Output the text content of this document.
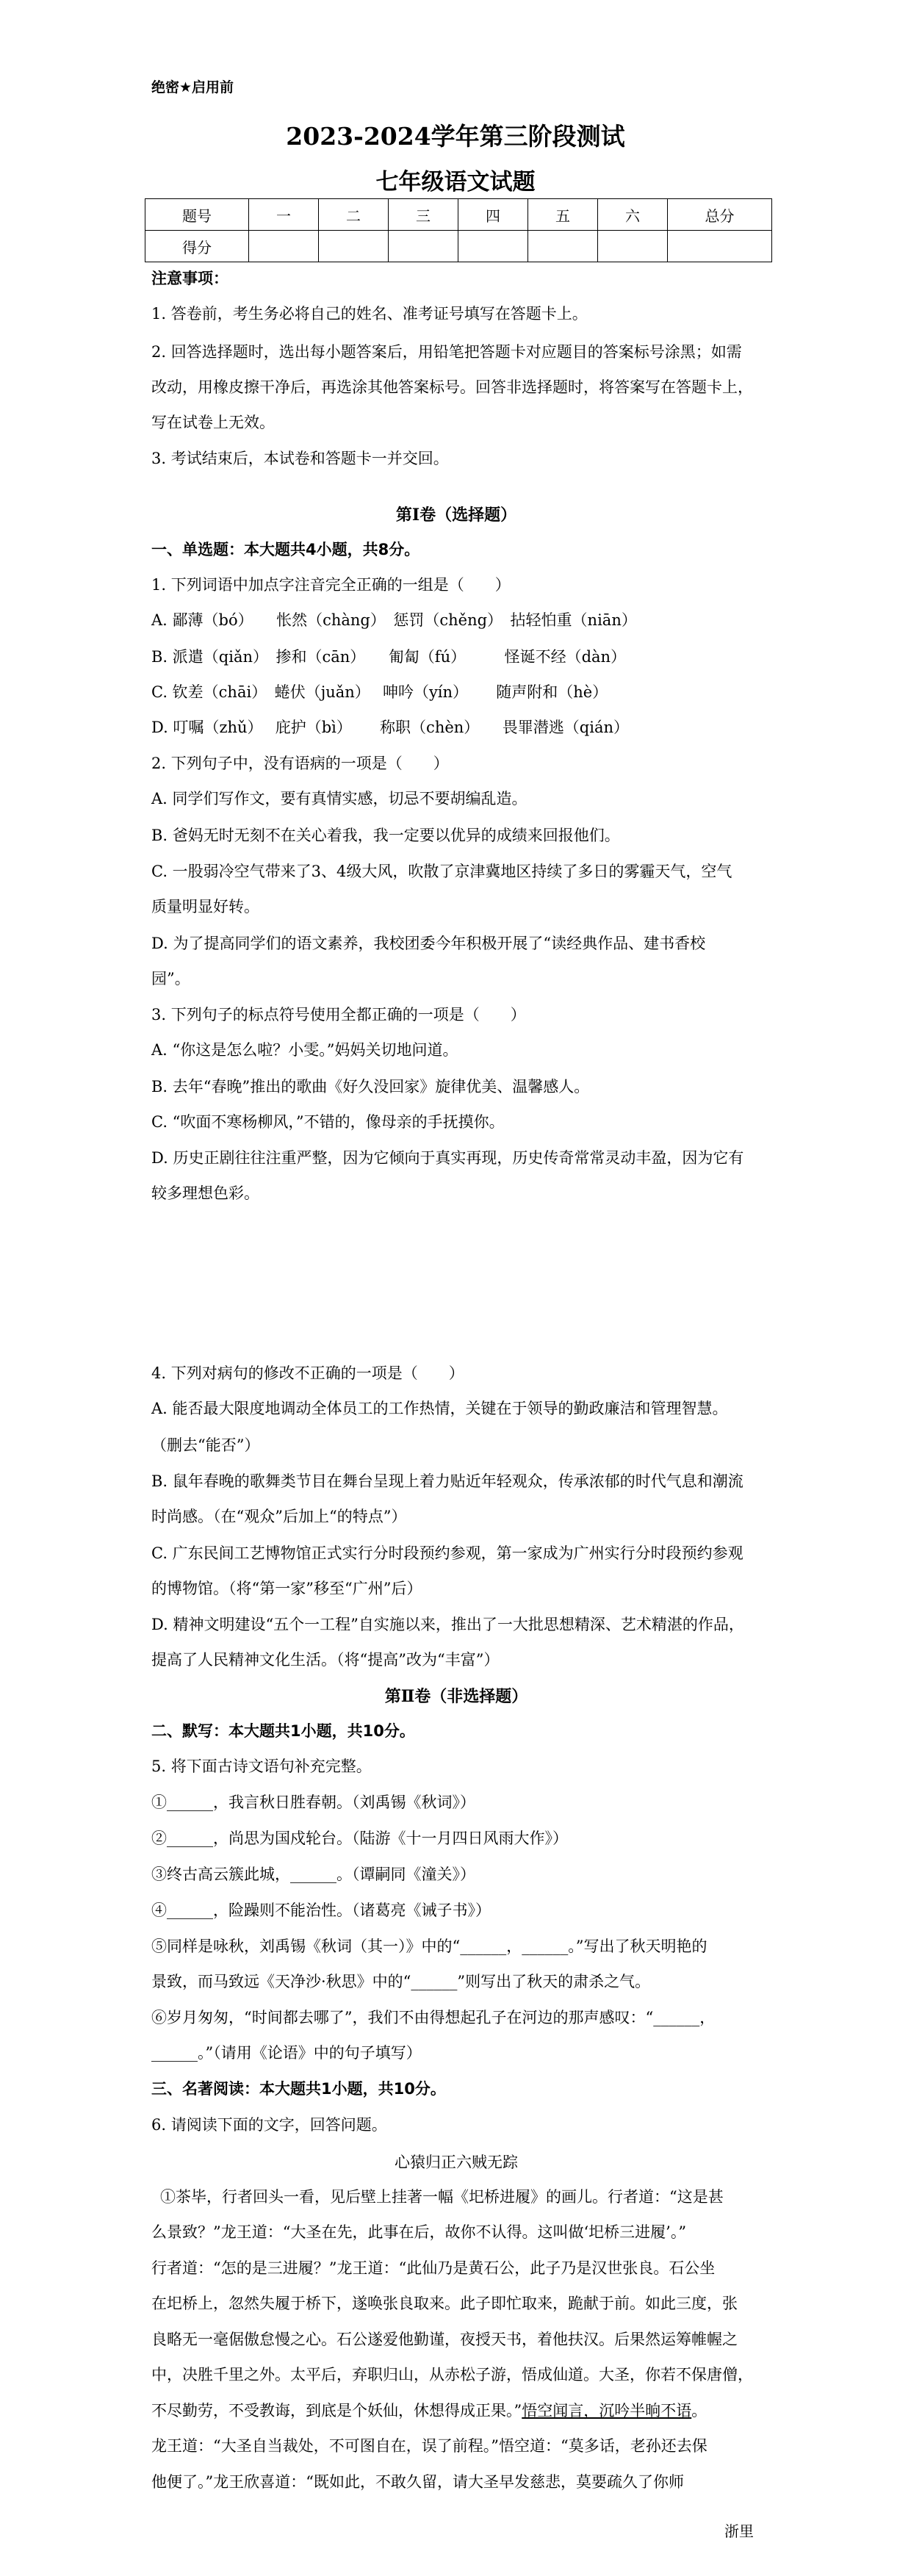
绝密★启用前
2023-2024学年第三阶段测试
七年级语文试题
题号	一	二	三	四	五	六	总分
得分							
注意事项：
1. 答卷前，考生务必将自己的姓名、准考证号填写在答题卡上。
2. 回答选择题时，选出每小题答案后，用铅笔把答题卡对应题目的答案标号涂黑；如需
改动，用橡皮擦干净后，再选涂其他答案标号。回答非选择题时，将答案写在答题卡上，
写在试卷上无效。
3. 考试结束后，本试卷和答题卡一并交回。
第Ⅰ卷（选择题）
一、单选题：本大题共4小题，共8分。
1. 下列词语中加点字注音完全正确的一组是（　　）
A. 鄙薄（bó）　　怅然（chàng）　惩罚（chěng）　拈轻怕重（niān）
B. 派遣（qiǎn）　掺和（cān）　　匍匐（fú）　　　怪诞不经（dàn）
C. 钦差（chāi）　蜷伏（juǎn）　 呻吟（yín）　　 随声附和（hè）
D. 叮嘱（zhǔ）　 庇护（bì）　　 称职（chèn）　　畏罪潜逃（qián）
2. 下列句子中，没有语病的一项是（　　）
A. 同学们写作文，要有真情实感，切忌不要胡编乱造。
B. 爸妈无时无刻不在关心着我，我一定要以优异的成绩来回报他们。
C. 一股弱冷空气带来了3、4级大风，吹散了京津冀地区持续了多日的雾霾天气，空气
质量明显好转。
D. 为了提高同学们的语文素养，我校团委今年积极开展了“读经典作品、建书香校
园”。
3. 下列句子的标点符号使用全都正确的一项是（　　）
A. “你这是怎么啦？小雯。”妈妈关切地问道。
B. 去年“春晚”推出的歌曲《好久没回家》旋律优美、温馨感人。
C. “吹面不寒杨柳风，”不错的，像母亲的手抚摸你。
D. 历史正剧往往注重严整，因为它倾向于真实再现，历史传奇常常灵动丰盈，因为它有
较多理想色彩。
4. 下列对病句的修改不正确的一项是（　　）
A. 能否最大限度地调动全体员工的工作热情，关键在于领导的勤政廉洁和管理智慧。
（删去“能否”）
B. 鼠年春晚的歌舞类节目在舞台呈现上着力贴近年轻观众，传承浓郁的时代气息和潮流
时尚感。（在“观众”后加上“的特点”）
C. 广东民间工艺博物馆正式实行分时段预约参观，第一家成为广州实行分时段预约参观
的博物馆。（将“第一家”移至“广州”后）
D. 精神文明建设“五个一工程”自实施以来，推出了一大批思想精深、艺术精湛的作品，
提高了人民精神文化生活。（将“提高”改为“丰富”）
第Ⅱ卷（非选择题）
二、默写：本大题共1小题，共10分。
5. 将下面古诗文语句补充完整。
①______，我言秋日胜春朝。（刘禹锡《秋词》）
②______，尚思为国戍轮台。（陆游《十一月四日风雨大作》）
③终古高云簇此城，______。（谭嗣同《潼关》）
④______，险躁则不能治性。（诸葛亮《诫子书》）
⑤同样是咏秋，刘禹锡《秋词（其一）》中的“______，______。”写出了秋天明艳的
景致，而马致远《天净沙·秋思》中的“______”则写出了秋天的肃杀之气。
⑥岁月匆匆，“时间都去哪了”，我们不由得想起孔子在河边的那声感叹：“______，
______。”（请用《论语》中的句子填写）
三、名著阅读：本大题共1小题，共10分。
6. 请阅读下面的文字，回答问题。
心猿归正六贼无踪
①茶毕，行者回头一看，见后壁上挂著一幅《圯桥进履》的画儿。行者道：“这是甚
么景致？”龙王道：“大圣在先，此事在后，故你不认得。这叫做‘圯桥三进履’。”
行者道：“怎的是三进履？”龙王道：“此仙乃是黄石公，此子乃是汉世张良。石公坐
在圯桥上，忽然失履于桥下，遂唤张良取来。此子即忙取来，跪献于前。如此三度，张
良略无一毫倨傲怠慢之心。石公遂爱他勤谨，夜授天书，着他扶汉。后果然运筹帷幄之
中，决胜千里之外。太平后，弃职归山，从赤松子游，悟成仙道。大圣，你若不保唐僧，
不尽勤劳，不受教诲，到底是个妖仙，休想得成正果。”悟空闻言，沉吟半晌不语。
龙王道：“大圣自当裁处，不可图自在，误了前程。”悟空道：“莫多话，老孙还去保
他便了。”龙王欣喜道：“既如此，不敢久留，请大圣早发慈悲，莫要疏久了你师
浙里
